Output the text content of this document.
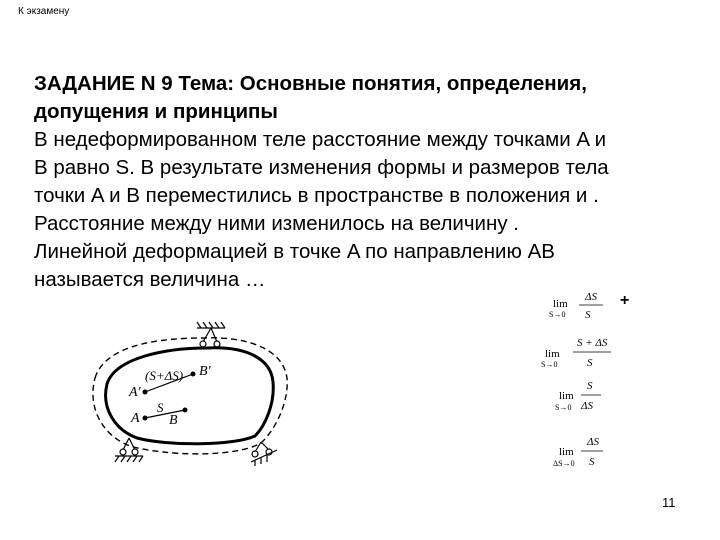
К экзамену
ЗАДАНИЕ N 9 Тема: Основные понятия, определения,
допущения и принципы
В недеформированном теле расстояние между точками A и
B равно S. В результате изменения формы и размеров тела
точки A и B переместились в пространстве в положения и .
Расстояние между ними изменилось на величину .
Линейной деформацией в точке A по направлению AB
называется величина …
A'
B'
(S+ΔS)
A
S
B
lim
S→0
ΔS
S
lim
S→0
S + ΔS
S
lim
S→0
S
ΔS
lim
ΔS→0
ΔS
S
+
11
